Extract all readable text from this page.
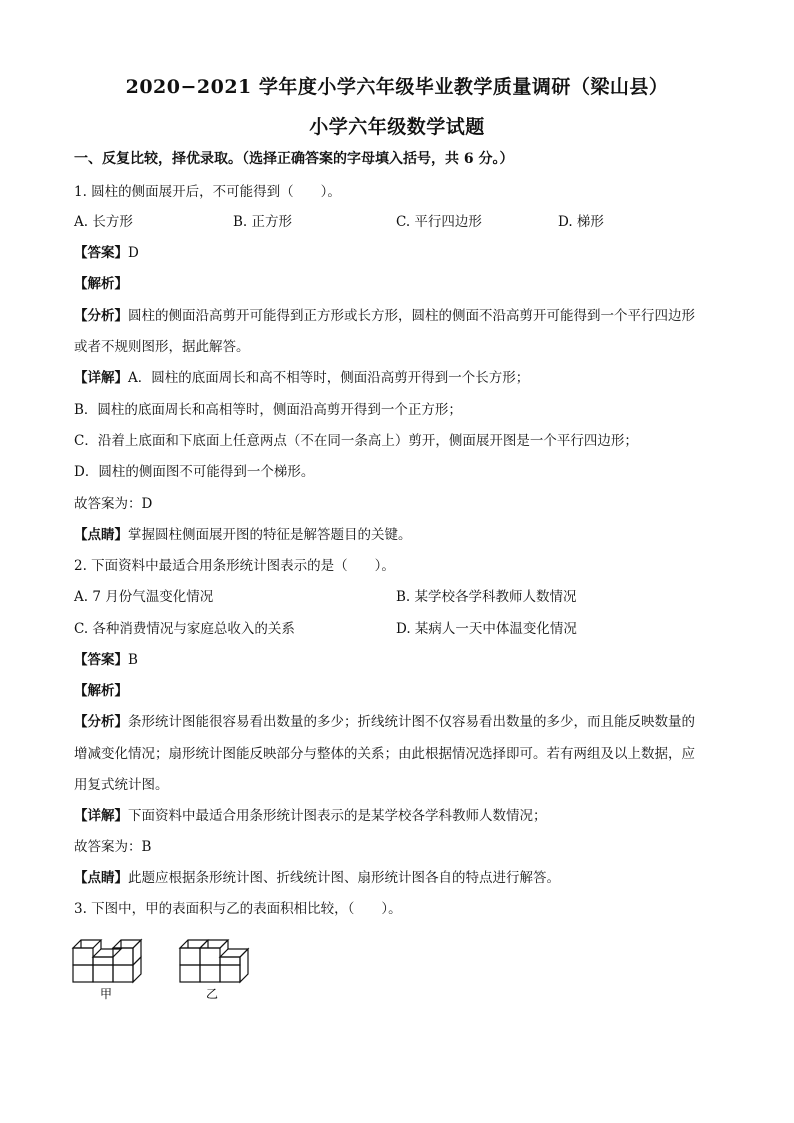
2020−2021 学年度小学六年级毕业教学质量调研（梁山县）
小学六年级数学试题
一、反复比较，择优录取。（选择正确答案的字母填入括号，共 6 分。）
1. 圆柱的侧面展开后，不可能得到（　　）。
A. 长方形	B. 正方形	C. 平行四边形	D. 梯形
【答案】D
【解析】
【分析】圆柱的侧面沿高剪开可能得到正方形或长方形，圆柱的侧面不沿高剪开可能得到一个平行四边形
或者不规则图形，据此解答。
【详解】A．圆柱的底面周长和高不相等时，侧面沿高剪开得到一个长方形；
B．圆柱的底面周长和高相等时，侧面沿高剪开得到一个正方形；
C．沿着上底面和下底面上任意两点（不在同一条高上）剪开，侧面展开图是一个平行四边形；
D．圆柱的侧面图不可能得到一个梯形。
故答案为：D
【点睛】掌握圆柱侧面展开图的特征是解答题目的关键。
2. 下面资料中最适合用条形统计图表示的是（　　）。
A. 7 月份气温变化情况	B. 某学校各学科教师人数情况
C. 各种消费情况与家庭总收入的关系	D. 某病人一天中体温变化情况
【答案】B
【解析】
【分析】条形统计图能很容易看出数量的多少；折线统计图不仅容易看出数量的多少，而且能反映数量的
增减变化情况；扇形统计图能反映部分与整体的关系；由此根据情况选择即可。若有两组及以上数据，应
用复式统计图。
【详解】下面资料中最适合用条形统计图表示的是某学校各学科教师人数情况；
故答案为：B
【点睛】此题应根据条形统计图、折线统计图、扇形统计图各自的特点进行解答。
3. 下图中，甲的表面积与乙的表面积相比较，（　　）。
甲	乙
